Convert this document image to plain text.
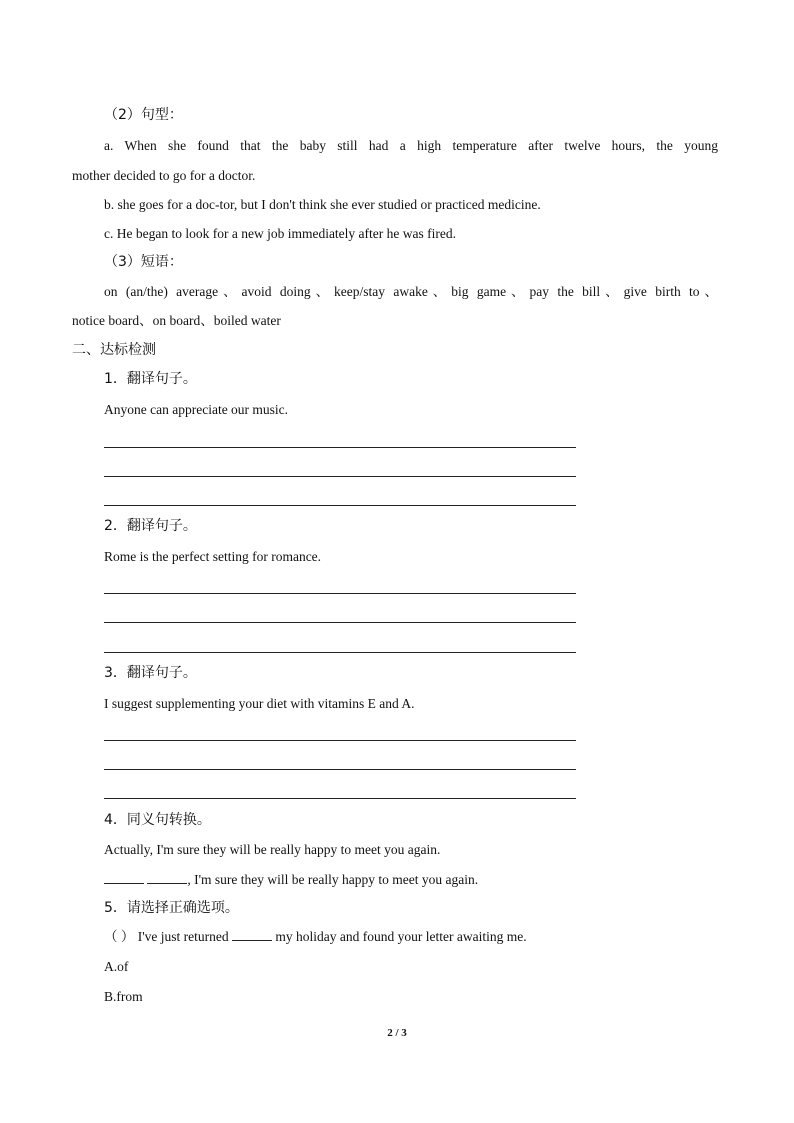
（2）句型：
a. When she found that the baby still had a high temperature after twelve hours, the young
mother decided to go for a doctor.
b. she goes for a doc-tor, but I don't think she ever studied or practiced medicine.
c. He began to look for a new job immediately after he was fired.
（3）短语：
on (an/the) average、avoid doing、keep/stay awake、big game、pay the bill、give birth to、
notice board、on board、boiled water
二、达标检测
1．翻译句子。
Anyone can appreciate our music.
2．翻译句子。
Rome is the perfect setting for romance.
3．翻译句子。
I suggest supplementing your diet with vitamins E and A.
4．同义句转换。
Actually, I'm sure they will be really happy to meet you again.
, I'm sure they will be really happy to meet you again.
5．请选择正确选项。
（ ） I've just returned	my holiday and found your letter awaiting me.
A.of
B.from
2 / 3
